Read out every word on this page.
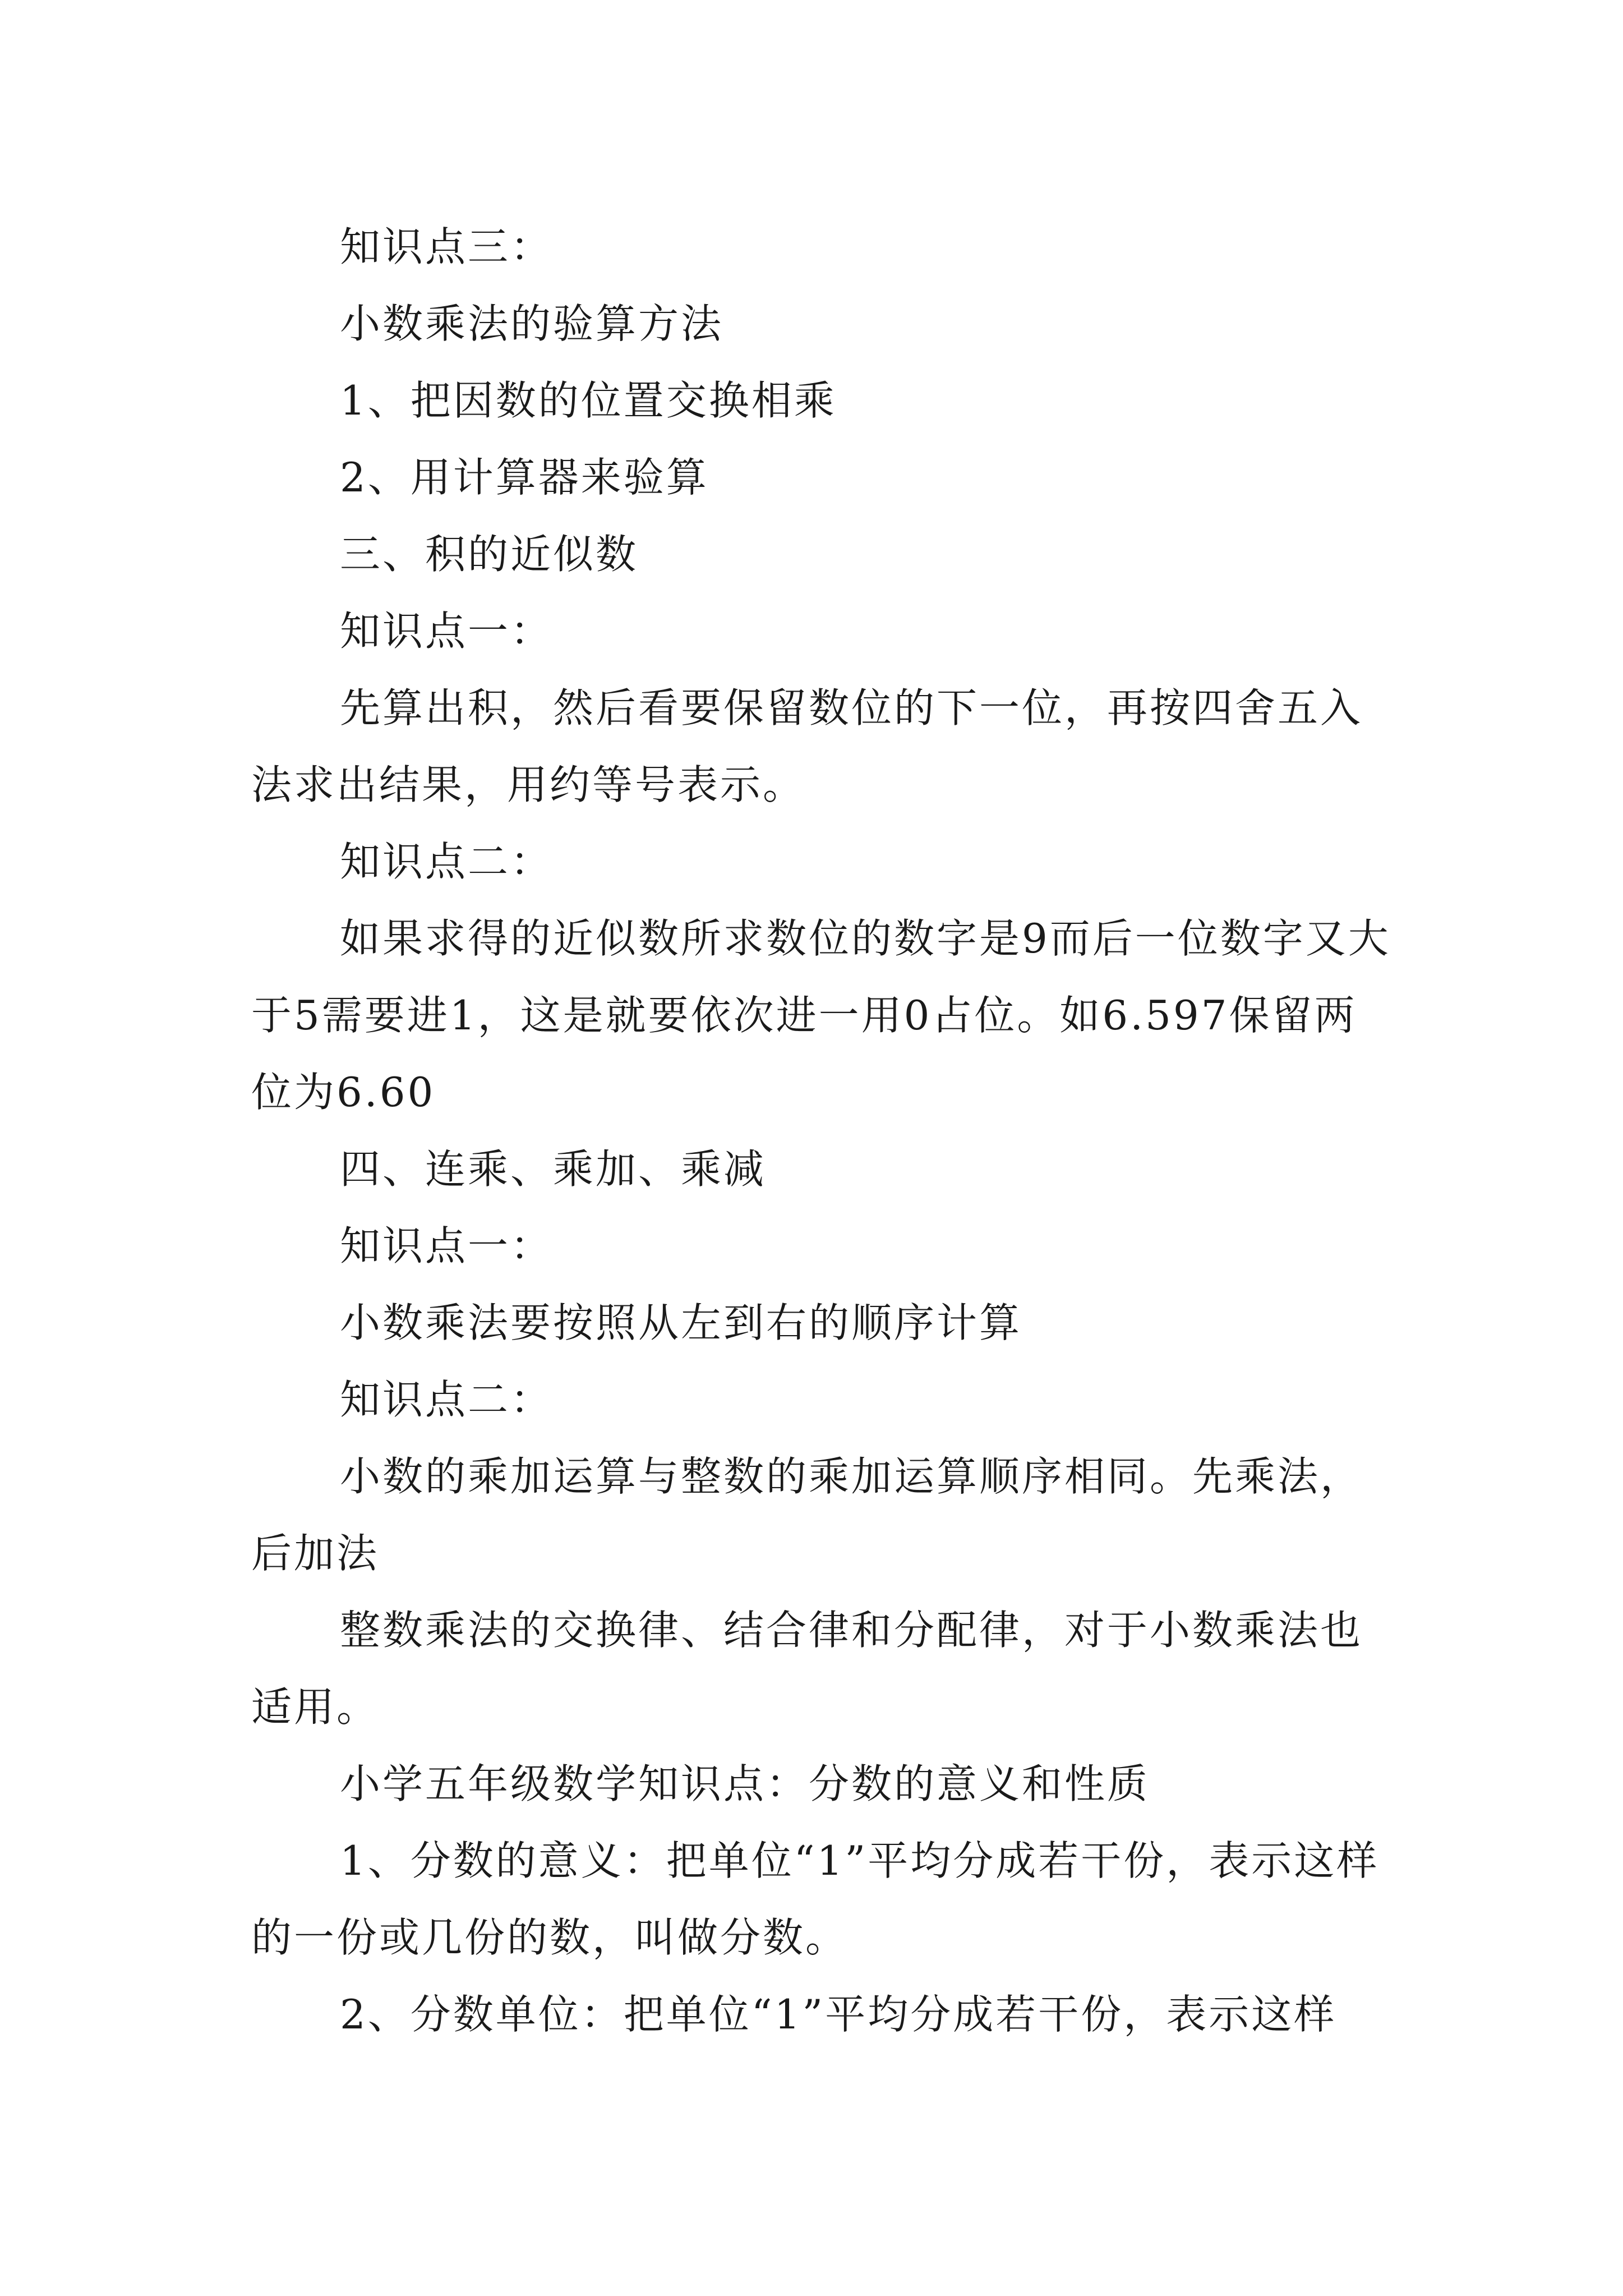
知识点三：

小数乘法的验算方法

1、把因数的位置交换相乘

2、用计算器来验算

三、积的近似数

知识点一：

先算出积，然后看要保留数位的下一位，再按四舍五入法求出结果，用约等号表示。

知识点二：

如果求得的近似数所求数位的数字是9而后一位数字又大于5需要进1，这是就要依次进一用0占位。如6.597保留两位为6.60

四、连乘、乘加、乘减

知识点一：

小数乘法要按照从左到右的顺序计算

知识点二：

小数的乘加运算与整数的乘加运算顺序相同。先乘法，后加法

整数乘法的交换律、结合律和分配律，对于小数乘法也适用。

小学五年级数学知识点：分数的意义和性质

1、分数的意义：把单位“1”平均分成若干份，表示这样的一份或几份的数，叫做分数。

2、分数单位：把单位“1”平均分成若干份，表示这样
